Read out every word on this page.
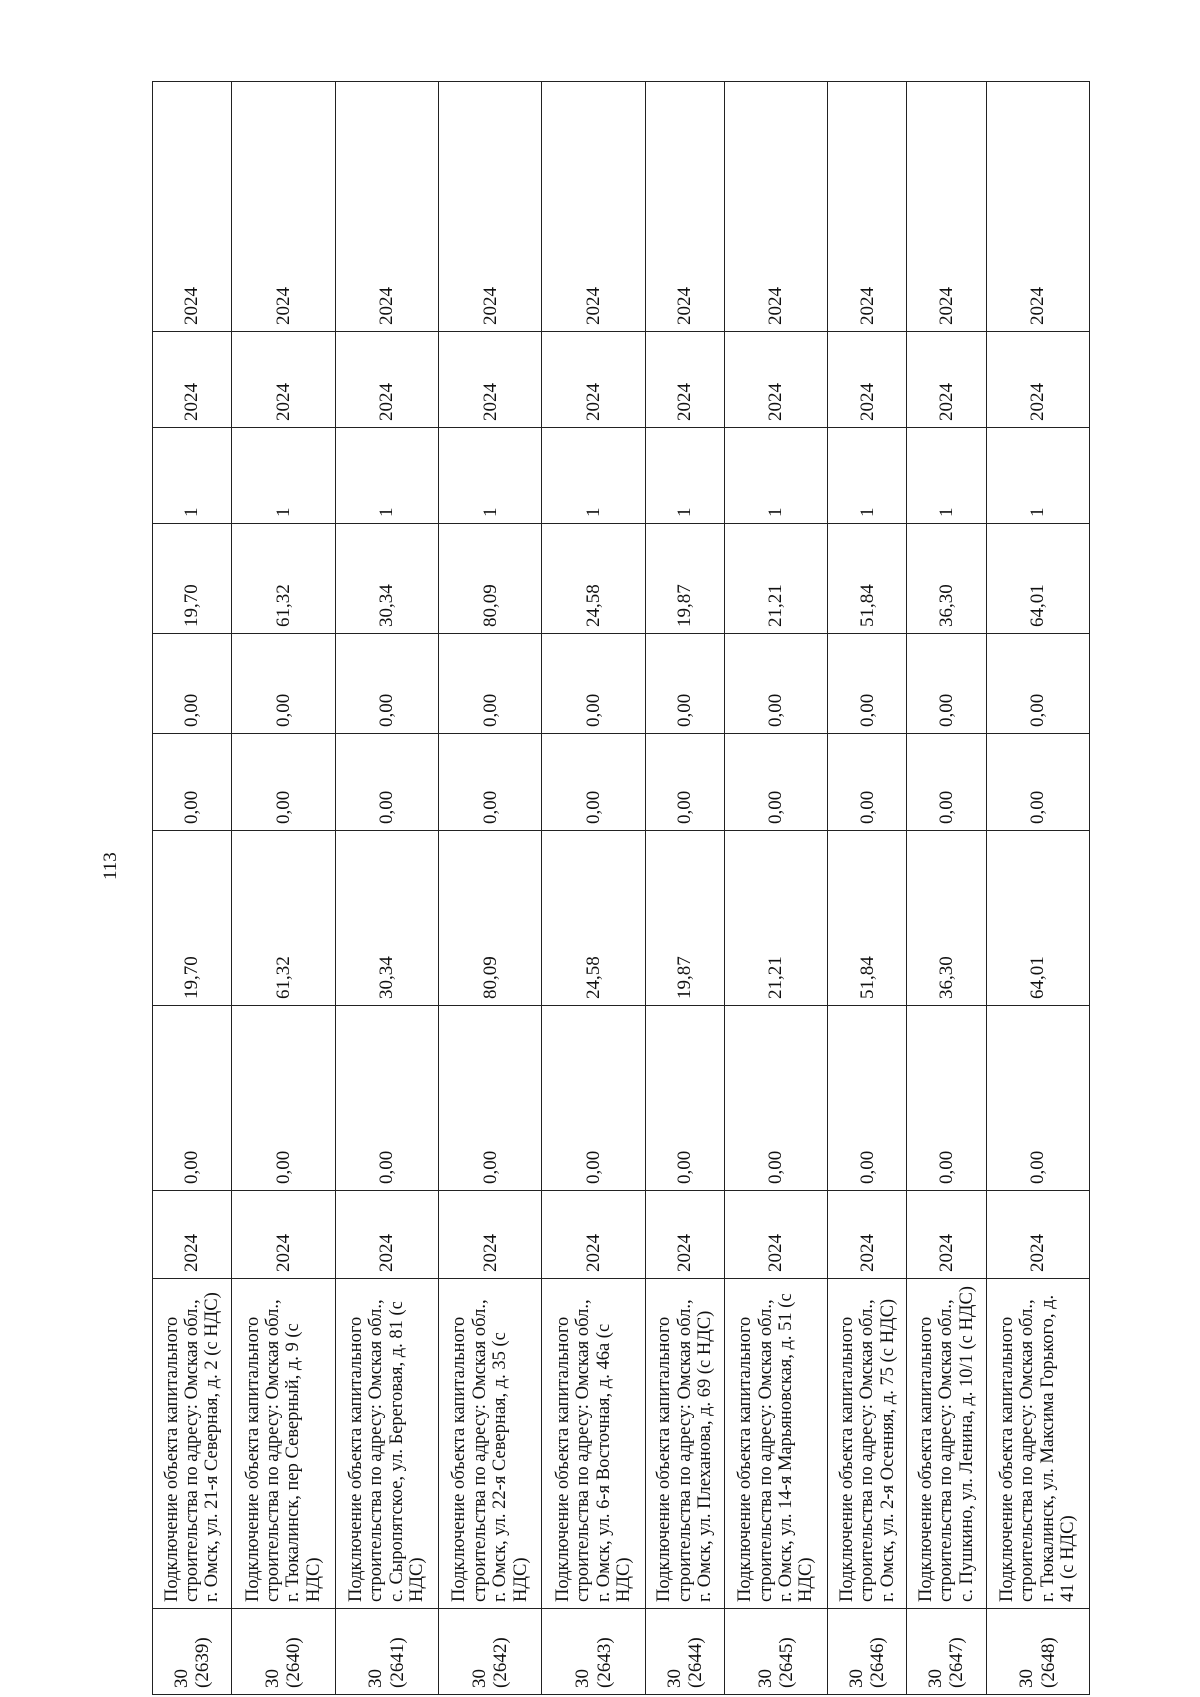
113
30 (2639)	Подключение объекта капитального строительства по адресу: Омская обл., г. Омск, ул. 21-я Северная, д. 2 (с НДС)	2024	0,00	19,70	0,00	0,00	19,70	1	2024	2024

30 (2640)	Подключение объекта капитального строительства по адресу: Омская обл., г. Тюкалинск, пер Северный, д. 9 (с НДС)	2024	0,00	61,32	0,00	0,00	61,32	1	2024	2024

30 (2641)	Подключение объекта капитального строительства по адресу: Омская обл., с. Сыропятское, ул. Береговая, д. 81 (с НДС)	2024	0,00	30,34	0,00	0,00	30,34	1	2024	2024

30 (2642)	Подключение объекта капитального строительства по адресу: Омская обл., г. Омск, ул. 22-я Северная, д. 35 (с НДС)	2024	0,00	80,09	0,00	0,00	80,09	1	2024	2024

30 (2643)	Подключение объекта капитального строительства по адресу: Омская обл., г. Омск, ул. 6-я Восточная, д. 46а (с НДС)	2024	0,00	24,58	0,00	0,00	24,58	1	2024	2024

30 (2644)	Подключение объекта капитального строительства по адресу: Омская обл., г. Омск, ул. Плеханова, д. 69 (с НДС)	2024	0,00	19,87	0,00	0,00	19,87	1	2024	2024

30 (2645)	Подключение объекта капитального строительства по адресу: Омская обл., г. Омск, ул. 14-я Марьяновская, д. 51 (с НДС)	2024	0,00	21,21	0,00	0,00	21,21	1	2024	2024

30 (2646)	Подключение объекта капитального строительства по адресу: Омская обл., г. Омск, ул. 2-я Осенняя, д. 75 (с НДС)	2024	0,00	51,84	0,00	0,00	51,84	1	2024	2024

30 (2647)	Подключение объекта капитального строительства по адресу: Омская обл., с. Пушкино, ул. Ленина, д. 10/1 (с НДС)	2024	0,00	36,30	0,00	0,00	36,30	1	2024	2024

30 (2648)	Подключение объекта капитального строительства по адресу: Омская обл., г. Тюкалинск, ул. Максима Горького, д. 41 (с НДС)	2024	0,00	64,01	0,00	0,00	64,01	1	2024	2024
